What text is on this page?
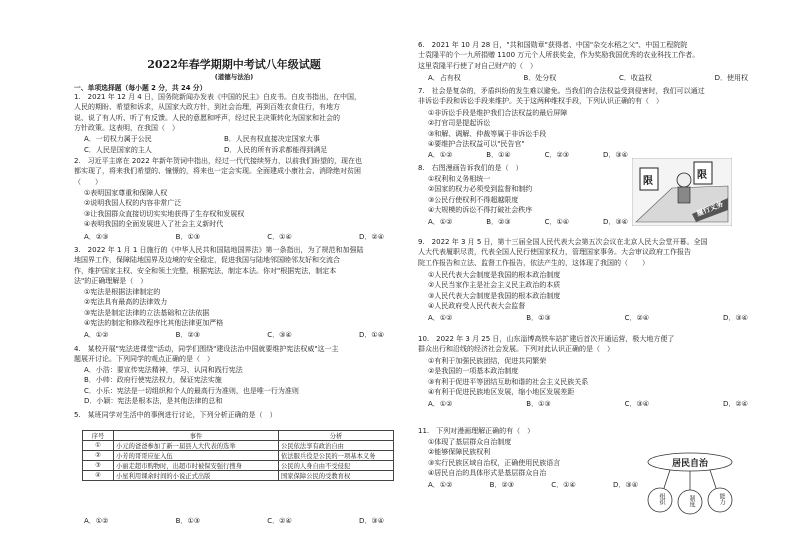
2022年春学期期中考试八年级试题
(道德与法治)
一、单项选择题（每小题 2 分，共 24 分）
1.　2021 年 12 月 4 日，国务院新闻办发表《中国的民主》白皮书。白皮书指出，在中国，
人民的期盼、希望和诉求，从国家大政方针，到社会治理，再到百姓衣食住行，有地方
说、说了有人听、听了有反馈。人民的意愿和呼声，经过民主决策转化为国家和社会的
方针政策。这表明，在我国（　）
A．一切权力属于公民	B．人民有权直接决定国家大事
C．人民是国家的主人	D．人民的所有诉求都能得到满足
2.　习近平主席在 2022 年新年贺词中指出，经过一代代接续努力，以前我们盼望的，现在也
都实现了，将来我们希望的、憧憬的，将来也一定会实现。全面建成小康社会、消除绝对贫困
（　　）
①表明国家尊重和保障人权
②说明我国人权的内容非常广泛
③让我国群众直接切切实实地获得了生存权和发展权
④表明我国的全面发展进入了社会主义新时代
A．②③	B．①③	C．①④	D．②④
3.　2022 年 1 月 1 日施行的《中华人民共和国陆地国界法》第一条指出，为了规范和加强陆
地国界工作，保障陆地国界及边境的安全稳定，促进我国与陆地邻国睦邻友好和交流合
作，维护国家主权、安全和领土完整，根据宪法，制定本法。你对"根据宪法，制定本
法"的正确理解是（　）
①宪法是根据法律制定的
②宪法具有最高的法律效力
③宪法是制定法律的立法基础和立法依据
④宪法的制定和修改程序比其他法律更加严格
A．①②	B．②③	C．③④	D．①④
4.　某校开展"宪法进课堂"活动，同学们围绕"建设法治中国就要维护宪法权威"这一主
题展开讨论。下列同学的观点正确的是（　）
A．小浩：要宣传宪法精神，学习、认同和践行宪法
B．小帅：政府行使宪法权力，保证宪法实施
C．小乐：宪法是一切组织和个人的最高行为准则，也是唯一行为准则
D．小颖：宪法是根本法，是其他法律的总和
5.　某班同学对生活中的事例进行讨论，下列分析正确的是（　）
A．①②	B．①③	C．②④	D．③④
序号	事件	分析
①	小元的爸爸参加了新一届县人大代表的选举	公民依法享有政治自由
②	小芳的哥哥应征入伍	依法服兵役是公民的一项基本义务
③	小丽走超市购物时，出超市时被保安强行搜身	公民的人身自由不受侵犯
④	小星利用课余时间的小说正式出版	国家保障公民的受教育权
6.　2021 年 10 月 28 日，"共和国勋章"获得者、中国"杂交水稻之父"、中国工程院院
士袁隆平的个一九所捐赠 1100 万元个人所获奖金，作为奖励我国优秀的农业科技工作者。
这里袁隆平行使了对自己财产的（　）
A．占有权	B．处分权	C．收益权	D．使用权
7.　社会是复杂的，矛盾纠纷的发生难以避免。当我们的合法权益受到侵害时，我们可以通过
非诉讼手段和诉讼手段来维护。关于这两种维权手段，下列认识正确的有（　）
①非诉讼手段是维护我们合法权益的最后屏障
②打官司是提起诉讼
③和解、调解、仲裁等属于非诉讼手段
④要维护合法权益可以"民告官"
A．①②	B．①④	C．②③	D．③④
8.　右图漫画告诉我们的是（　）
①权利和义务相统一
②国家的权力必须受到监督和制约
③公民行使权利不得超越限度
④大规模的诉讼不得打破社会秩序
A．①②	B．②③	C．①④	D．③④
9.　2022 年 3 月 5 日，第十三届全国人民代表大会第五次会议在北京人民大会堂开幕。全国
人大代表履职尽责，代表全国人民行使国家权力，管理国家事务。大会审议政府工作报告
院工作报告和立法、监督工作报告，依法产生的，这体现了我国的（　　）
①人民代表大会制度是我国的根本政治制度
②人民当家作主是社会主义民主政治的本质
③人民代表大会制度是我国的根本政治制度
④人民政府受人民代表大会监督
A．①②	B．①③	C．②④	D．③④
10.　2022 年 3 月 25 日，山东淄博高铁车站扩建后首次开通运营，极大地方便了
群众出行和沿线的经济社会发展。下列对此认识正确的是（　）
①有利于加强民族团结，促进共同繁荣
②是我国的一项基本政治制度
③有利于促进平等团结互助和谐的社会主义民族关系
④有利于促进民族地区发展，缩小地区发展差距
A．①②	B．①③	C．③④	D．②④
11.　下列对漫画理解正确的有（　）
①体现了基层群众自治制度
②能够保障民族权利
③实行民族区域自治权，正确使用民族语言
④居民自治的具体形式是基层群众自治
A．①②	B．②③	C．①④	D．③④
限
限
履行义务
居民自治
组织	制度	能力
